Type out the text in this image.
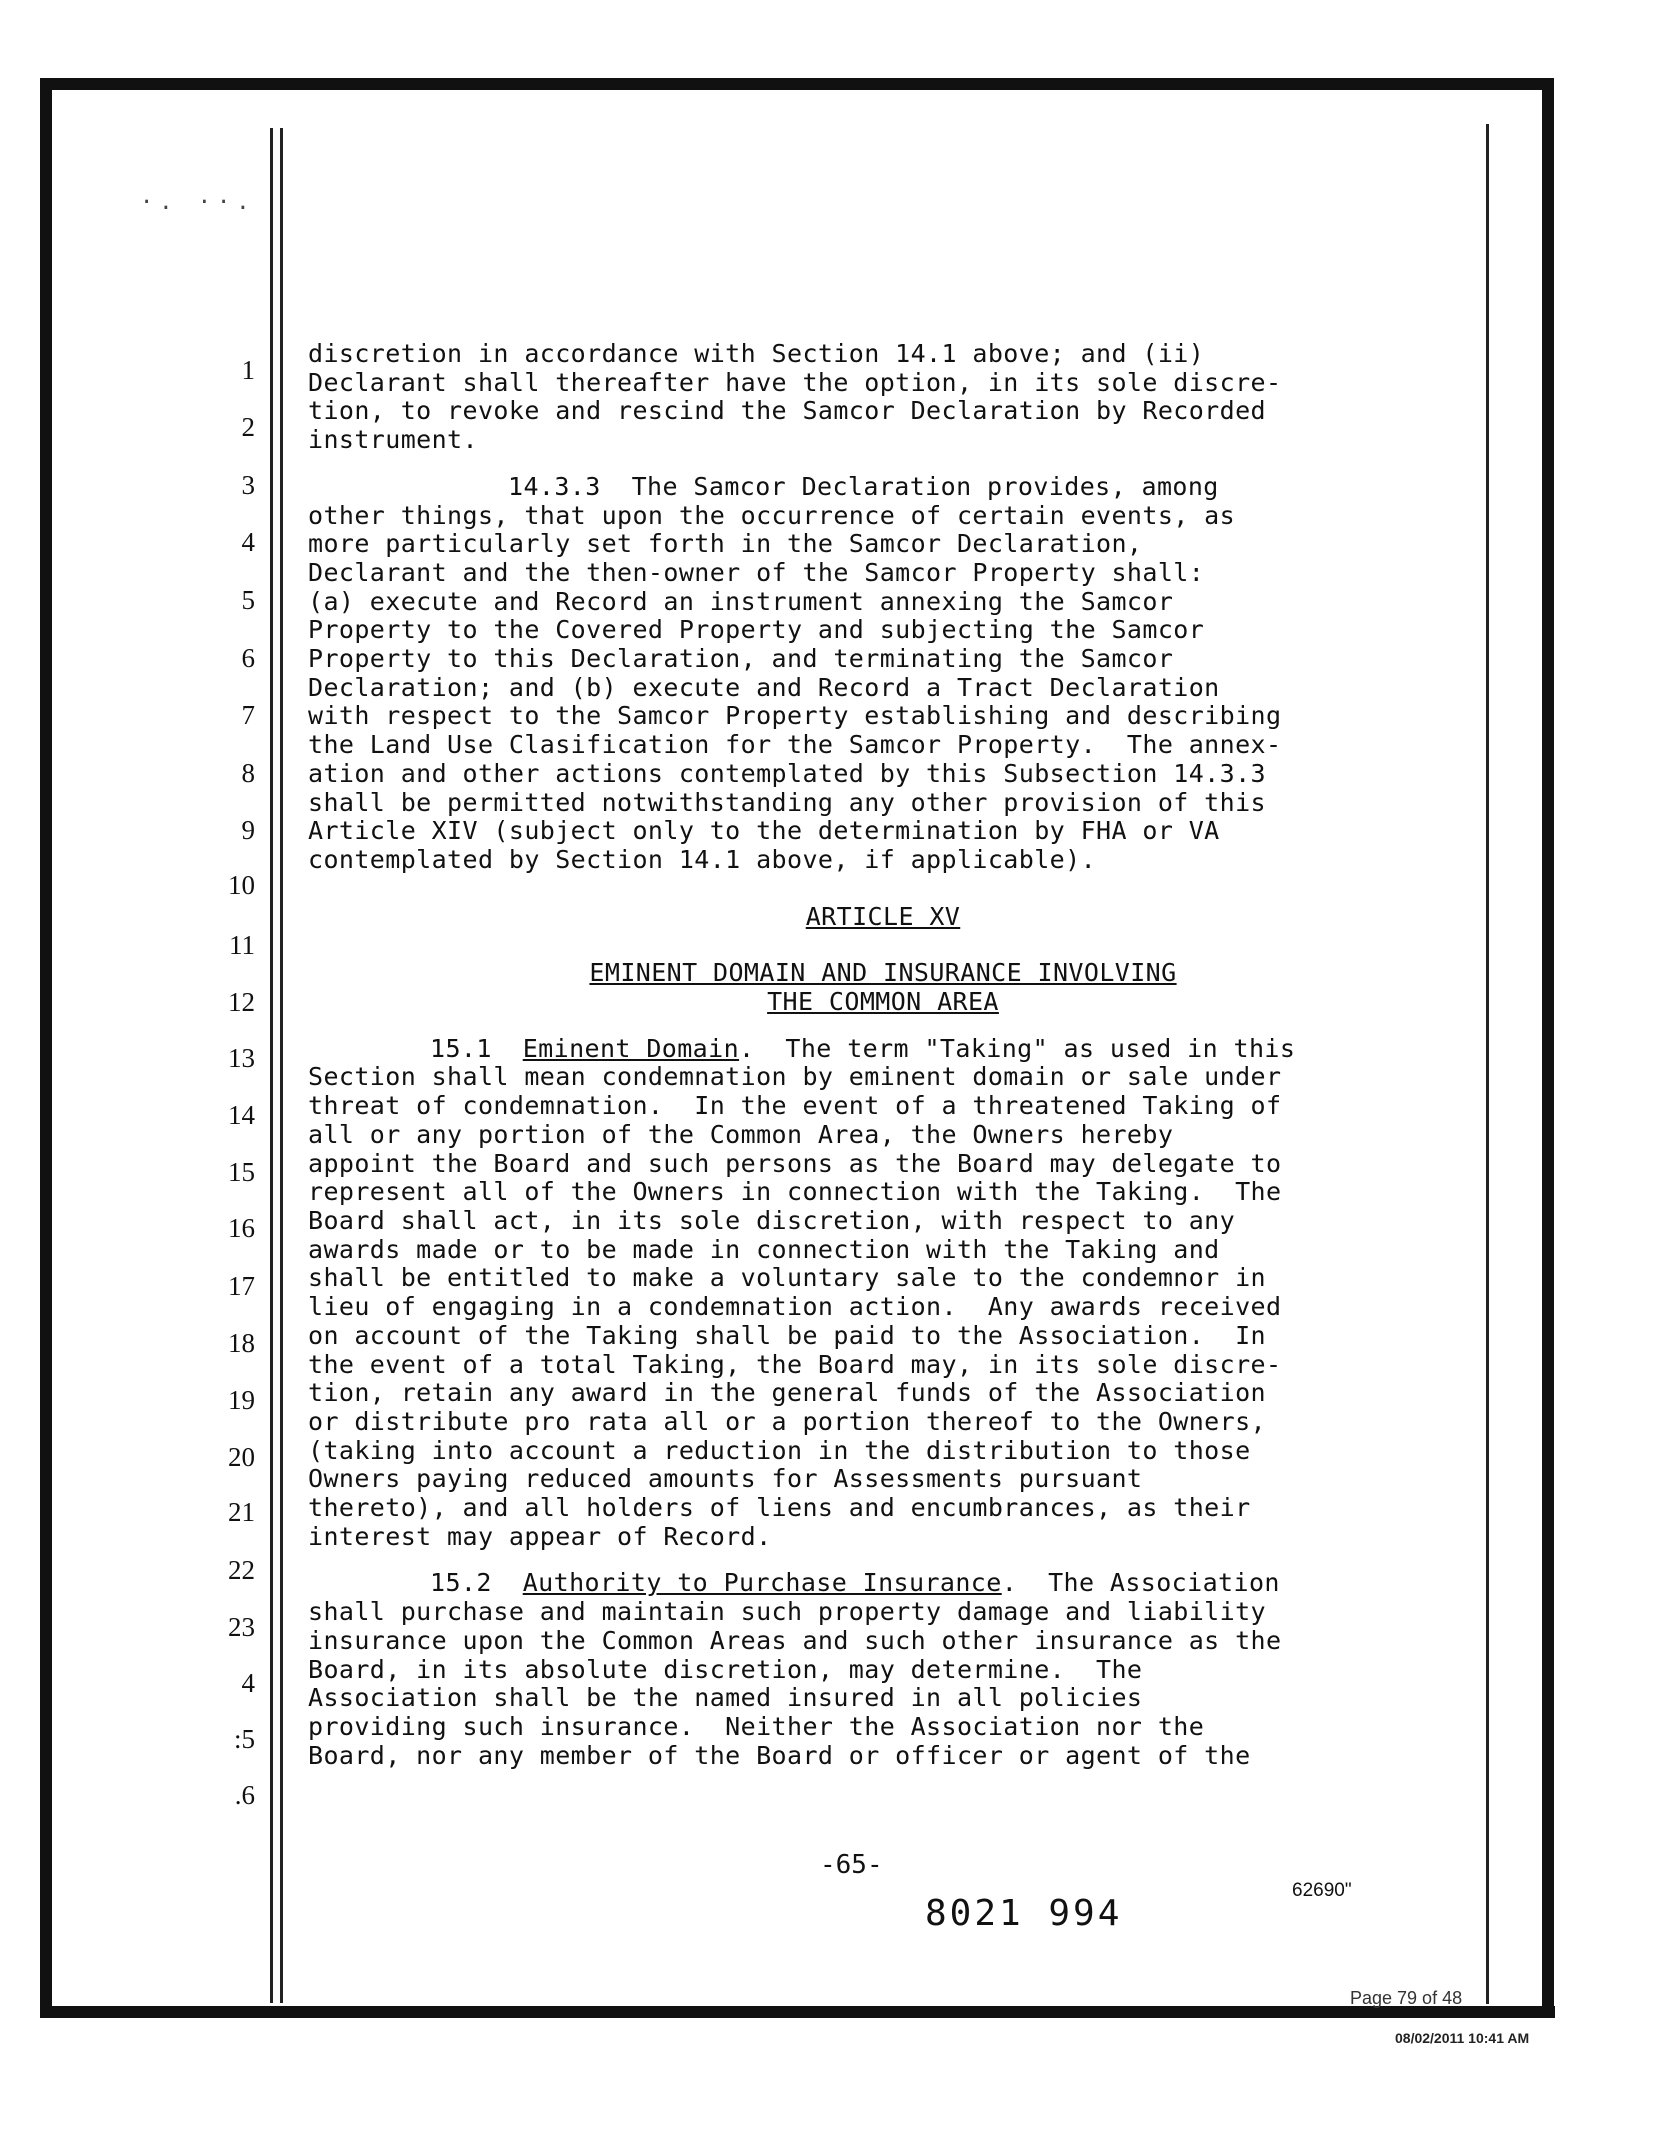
·. ··.
1
2
3
4
5
6
7
8
9
10
11
12
13
14
15
16
17
18
19
20
21
22
23
4
:5
.6

discretion in accordance with Section 14.1 above; and (ii)

Declarant shall thereafter have the option, in its sole discre-

tion, to revoke and rescind the Samcor Declaration by Recorded

instrument.

14.3.3  The Samcor Declaration provides, among

other things, that upon the occurrence of certain events, as

more particularly set forth in the Samcor Declaration,

Declarant and the then-owner of the Samcor Property shall:

(a) execute and Record an instrument annexing the Samcor

Property to the Covered Property and subjecting the Samcor

Property to this Declaration, and terminating the Samcor

Declaration; and (b) execute and Record a Tract Declaration

with respect to the Samcor Property establishing and describing

the Land Use Clasification for the Samcor Property.  The annex-

ation and other actions contemplated by this Subsection 14.3.3

shall be permitted notwithstanding any other provision of this

Article XIV (subject only to the determination by FHA or VA

contemplated by Section 14.1 above, if applicable).

ARTICLE XV

EMINENT DOMAIN AND INSURANCE INVOLVING

THE COMMON AREA

15.1 Eminent Domain.  The term "Taking" as used in this

Section shall mean condemnation by eminent domain or sale under

threat of condemnation.  In the event of a threatened Taking of

all or any portion of the Common Area, the Owners hereby

appoint the Board and such persons as the Board may delegate to

represent all of the Owners in connection with the Taking.  The

Board shall act, in its sole discretion, with respect to any

awards made or to be made in connection with the Taking and

shall be entitled to make a voluntary sale to the condemnor in

lieu of engaging in a condemnation action.  Any awards received

on account of the Taking shall be paid to the Association.  In

the event of a total Taking, the Board may, in its sole discre-

tion, retain any award in the general funds of the Association

or distribute pro rata all or a portion thereof to the Owners,

(taking into account a reduction in the distribution to those

Owners paying reduced amounts for Assessments pursuant

thereto), and all holders of liens and encumbrances, as their

interest may appear of Record.

15.2 Authority to Purchase Insurance.  The Association

shall purchase and maintain such property damage and liability

insurance upon the Common Areas and such other insurance as the

Board, in its absolute discretion, may determine.  The

Association shall be the named insured in all policies

providing such insurance.  Neither the Association nor the

Board, nor any member of the Board or officer or agent of the

-65-
8021 994
62690"
Page 79 of 48
08/02/2011 10:41 AM
